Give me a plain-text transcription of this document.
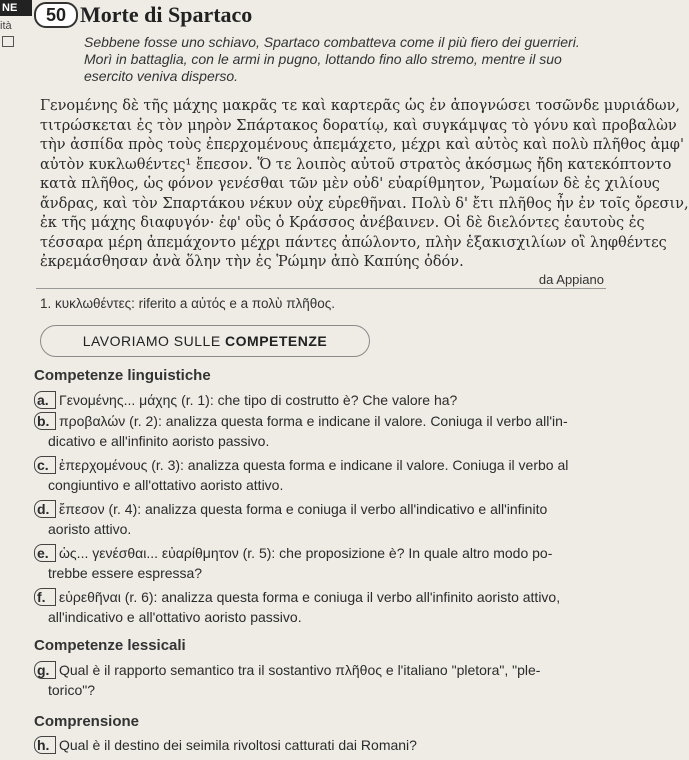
NE
ità
50 Morte di Spartaco
Sebbene fosse uno schiavo, Spartaco combatteva come il più fiero dei guerrieri. Morì in battaglia, con le armi in pugno, lottando fino allo stremo, mentre il suo esercito veniva disperso.
Γενομένης δὲ τῆς μάχης μακρᾶς τε καὶ καρτερᾶς ὡς ἐν ἀπογνώσει τοσῶνδε μυριάδων,
τιτρώσκεται ἐς τὸν μηρὸν Σπάρτακος δορατίῳ, καὶ συγκάμψας τὸ γόνυ καὶ προβαλὼν
τὴν ἀσπίδα πρὸς τοὺς ἐπερχομένους ἀπεμάχετο, μέχρι καὶ αὐτὸς καὶ πολὺ πλῆθος ἀμφ'
αὐτὸν κυκλωθέντες¹ ἔπεσον. Ὅ τε λοιπὸς αὐτοῦ στρατὸς ἀκόσμως ἤδη κατεκόπτοντο
κατὰ πλῆθος, ὡς φόνον γενέσθαι τῶν μὲν οὐδ' εὐαρίθμητον, Ῥωμαίων δὲ ἐς χιλίους
ἄνδρας, καὶ τὸν Σπαρτάκου νέκυν οὐχ εὑρεθῆναι. Πολὺ δ' ἔτι πλῆθος ἦν ἐν τοῖς ὄρεσιν,
ἐκ τῆς μάχης διαφυγόν· ἐφ' οὓς ὁ Κράσσος ἀνέβαινεν. Οἱ δὲ διελόντες ἑαυτοὺς ἐς
τέσσαρα μέρη ἀπεμάχοντο μέχρι πάντες ἀπώλοντο, πλὴν ἑξακισχιλίων οἳ ληφθέντες
ἐκρεμάσθησαν ἀνὰ ὅλην τὴν ἐς Ῥώμην ἀπὸ Καπύης ὁδόν.
da Appiano
1. κυκλωθέντες: riferito a αὐτός e a πολὺ πλῆθος.
LAVORIAMO SULLE COMPETENZE
Competenze linguistiche
a. Γενομένης... μάχης (r. 1): che tipo di costrutto è? Che valore ha?
b. προβαλών (r. 2): analizza questa forma e indicane il valore. Coniuga il verbo all'in-
dicativo e all'infinito aoristo passivo.
c. ἐπερχομένους (r. 3): analizza questa forma e indicane il valore. Coniuga il verbo al
congiuntivo e all'ottativo aoristo attivo.
d. ἔπεσον (r. 4): analizza questa forma e coniuga il verbo all'indicativo e all'infinito
aoristo attivo.
e. ὡς... γενέσθαι... εὐαρίθμητον (r. 5): che proposizione è? In quale altro modo po-
trebbe essere espressa?
f. εὑρεθῆναι (r. 6): analizza questa forma e coniuga il verbo all'infinito aoristo attivo,
all'indicativo e all'ottativo aoristo passivo.
Competenze lessicali
g. Qual è il rapporto semantico tra il sostantivo πλῆθος e l'italiano "pletora", "ple-
torico"?
Comprensione
h. Qual è il destino dei seimila rivoltosi catturati dai Romani?
